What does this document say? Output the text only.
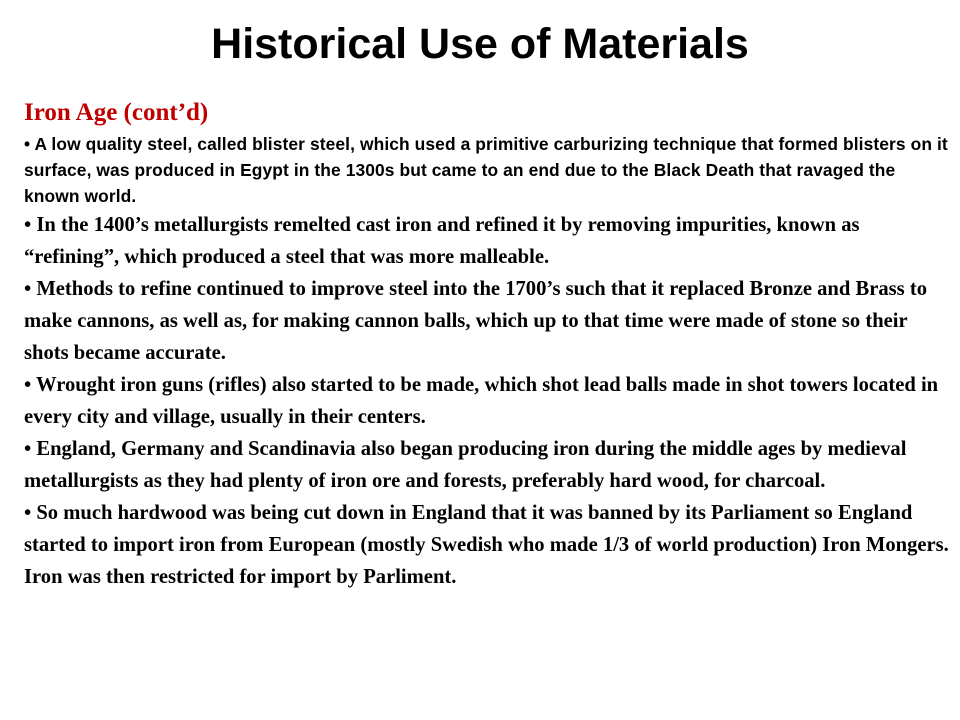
Historical Use of Materials

Iron Age (cont’d)

• A low quality steel, called blister steel, which used a primitive carburizing technique that formed blisters on it surface, was produced in Egypt in the 1300s but came to an end due to the Black Death that ravaged the known world.

• In the 1400’s metallurgists remelted cast iron and refined it by removing impurities, known as “refining”, which produced a steel that was more malleable.

• Methods to refine continued to improve steel into the 1700’s such that it replaced Bronze and Brass to make cannons, as well as, for making cannon balls, which up to that time were made of stone so their shots became accurate.

• Wrought iron guns (rifles) also started to be made, which shot lead balls made in shot towers located in every city and village, usually in their centers.

• England, Germany and Scandinavia also began producing iron during the middle ages by medieval metallurgists as they had plenty of iron ore and forests, preferably hard wood, for charcoal.

• So much hardwood was being cut down in England that it was banned by its Parliament so England started to import iron from European (mostly Swedish who made 1/3 of world production) Iron Mongers. Iron was then restricted for import by Parliment.
